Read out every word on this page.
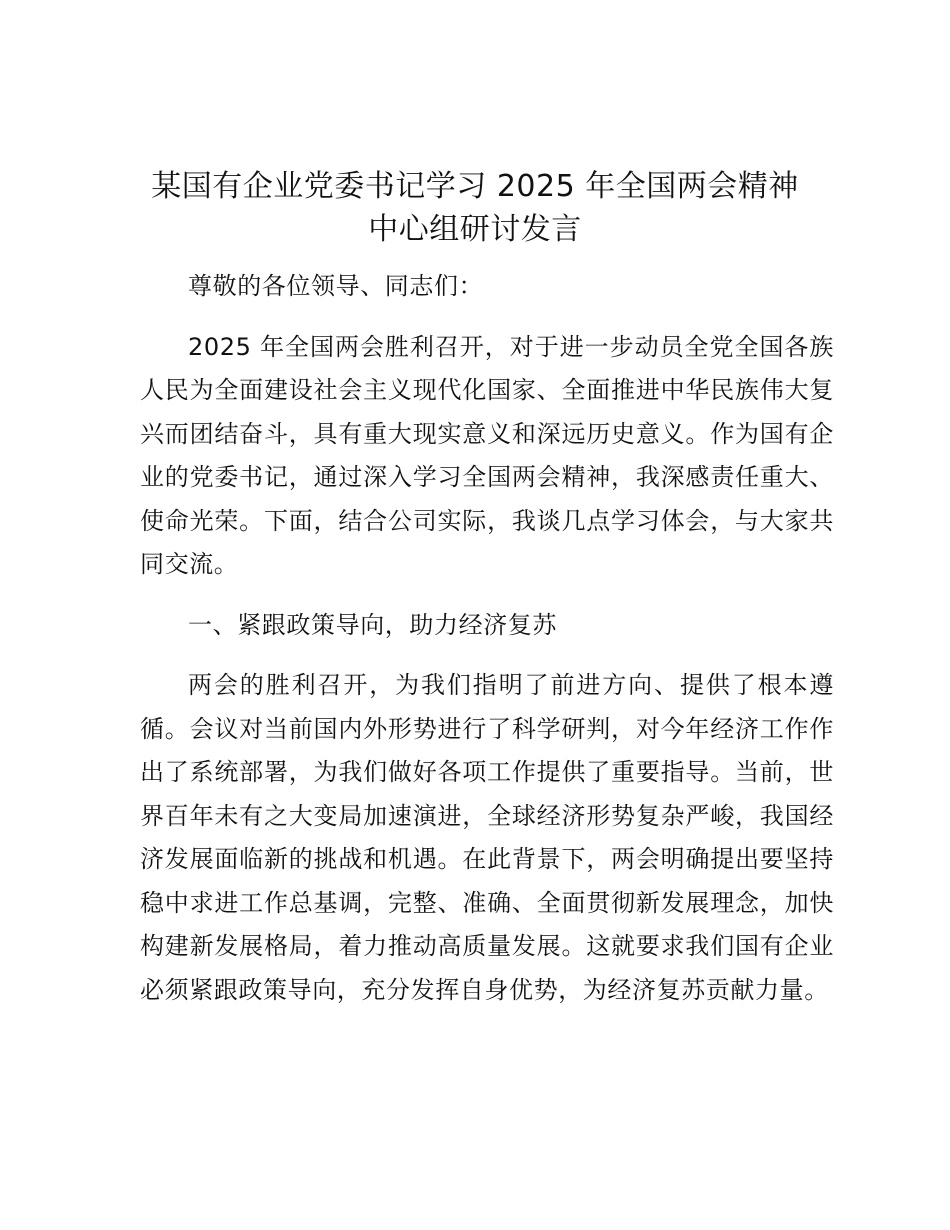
某国有企业党委书记学习 2025 年全国两会精神中心组研讨发言

尊敬的各位领导、同志们：

2025 年全国两会胜利召开，对于进一步动员全党全国各族人民为全面建设社会主义现代化国家、全面推进中华民族伟大复兴而团结奋斗，具有重大现实意义和深远历史意义。作为国有企业的党委书记，通过深入学习全国两会精神，我深感责任重大、使命光荣。下面，结合公司实际，我谈几点学习体会，与大家共同交流。

一、紧跟政策导向，助力经济复苏

两会的胜利召开，为我们指明了前进方向、提供了根本遵循。会议对当前国内外形势进行了科学研判，对今年经济工作作出了系统部署，为我们做好各项工作提供了重要指导。当前，世界百年未有之大变局加速演进，全球经济形势复杂严峻，我国经济发展面临新的挑战和机遇。在此背景下，两会明确提出要坚持稳中求进工作总基调，完整、准确、全面贯彻新发展理念，加快构建新发展格局，着力推动高质量发展。这就要求我们国有企业必须紧跟政策导向，充分发挥自身优势，为经济复苏贡献力量。
